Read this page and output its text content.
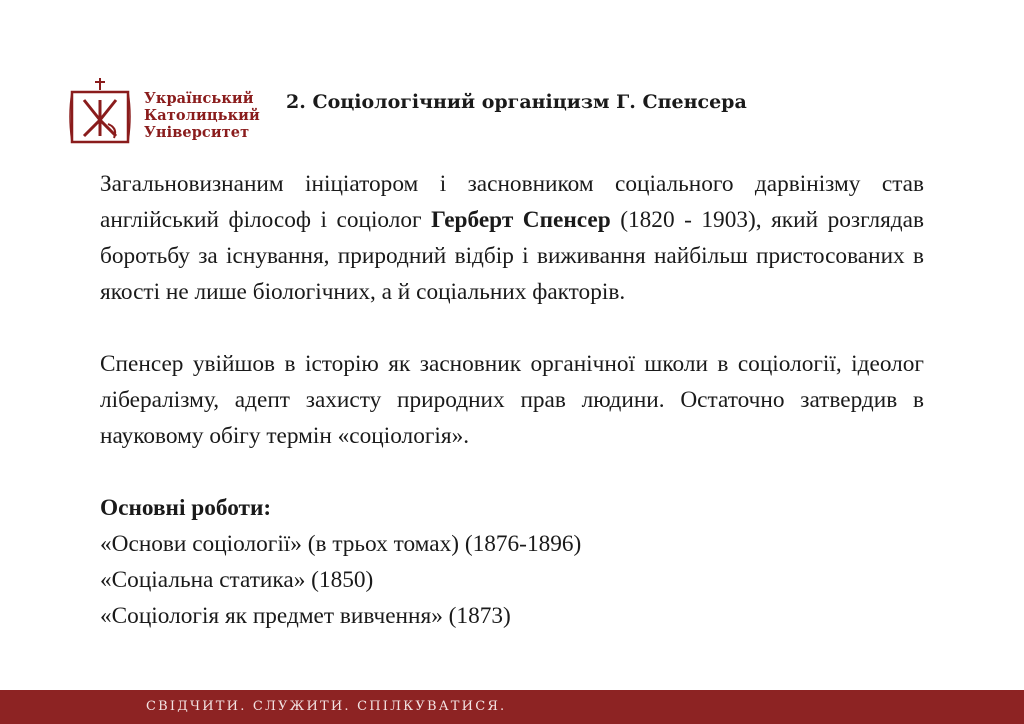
Український
Католицький
Університет
2. Соціологічний органіцизм Г. Спенсера

Загальновизнаним ініціатором і засновником соціального дарвінізму став англійський філософ і соціолог Герберт Спенсер (1820 - 1903), який розглядав боротьбу за існування, природний відбір і виживання найбільш пристосованих в якості не лише біологічних, а й соціальних факторів.

Спенсер увійшов в історію як засновник органічної школи в соціології, ідеолог лібералізму, адепт захисту природних прав людини. Остаточно затвердив в науковому обігу термін «соціологія».

Основні роботи:

«Основи соціології» (в трьох томах) (1876-1896)
«Соціальна статика» (1850)
«Соціологія як предмет вивчення» (1873)
СВІДЧИТИ. СЛУЖИТИ. СПІЛКУВАТИСЯ.
